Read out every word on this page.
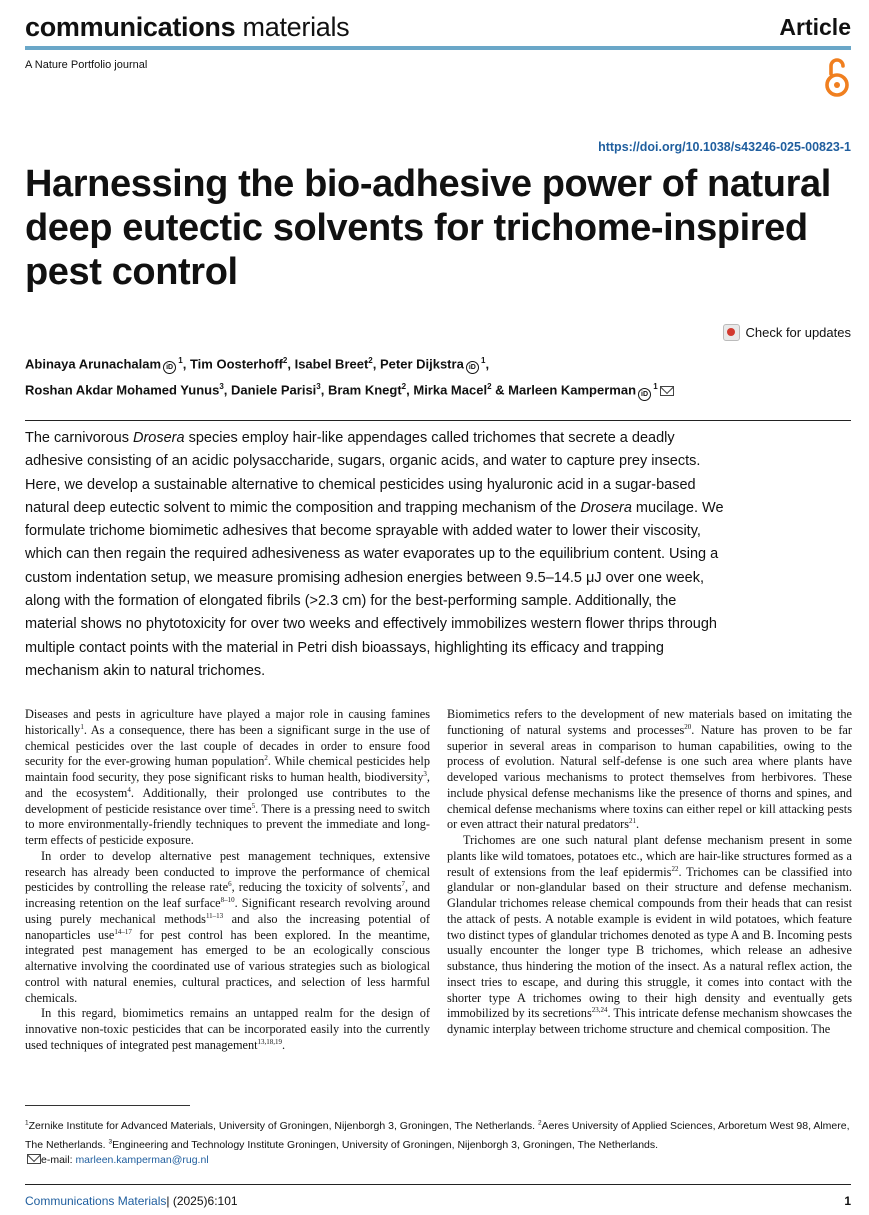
communications materials	Article
A Nature Portfolio journal
https://doi.org/10.1038/s43246-025-00823-1
Harnessing the bio-adhesive power of natural deep eutectic solvents for trichome-inspired pest control
Check for updates
Abinaya Arunachalam iD $^1$, Tim Oosterhoff$^2$, Isabel Breet$^2$, Peter Dijkstra iD $^1$,
Roshan Akdar Mohamed Yunus$^3$, Daniele Parisi$^3$, Bram Knegt$^2$, Mirka Macel$^2$ & Marleen Kamperman iD $^1$
The carnivorous Drosera species employ hair-like appendages called trichomes that secrete a deadly adhesive consisting of an acidic polysaccharide, sugars, organic acids, and water to capture prey insects. Here, we develop a sustainable alternative to chemical pesticides using hyaluronic acid in a sugar-based natural deep eutectic solvent to mimic the composition and trapping mechanism of the Drosera mucilage. We formulate trichome biomimetic adhesives that become sprayable with added water to lower their viscosity, which can then regain the required adhesiveness as water evaporates up to the equilibrium content. Using a custom indentation setup, we measure promising adhesion energies between 9.5–14.5 μJ over one week, along with the formation of elongated fibrils (>2.3 cm) for the best-performing sample. Additionally, the material shows no phytotoxicity for over two weeks and effectively immobilizes western flower thrips through multiple contact points with the material in Petri dish bioassays, highlighting its efficacy and trapping mechanism akin to natural trichomes.

Diseases and pests in agriculture have played a major role in causing famines historically$^1$. As a consequence, there has been a significant surge in the use of chemical pesticides over the last couple of decades in order to ensure food security for the ever-growing human population$^2$. While chemical pesticides help maintain food security, they pose significant risks to human health, biodiversity$^3$, and the ecosystem$^4$. Additionally, their prolonged use contributes to the development of pesticide resistance over time$^5$. There is a pressing need to switch to more environmentally-friendly techniques to prevent the immediate and long-term effects of pesticide exposure.

In order to develop alternative pest management techniques, extensive research has already been conducted to improve the performance of chemical pesticides by controlling the release rate$^6$, reducing the toxicity of solvents$^7$, and increasing retention on the leaf surface$^{8-10}$. Significant research revolving around using purely mechanical methods$^{11-13}$ and also the increasing potential of nanoparticles use$^{14-17}$ for pest control has been explored. In the meantime, integrated pest management has emerged to be an ecologically conscious alternative involving the coordinated use of various strategies such as biological control with natural enemies, cultural practices, and selection of less harmful chemicals.

In this regard, biomimetics remains an untapped realm for the design of innovative non-toxic pesticides that can be incorporated easily into the currently used techniques of integrated pest management$^{13,18,19}$.

Biomimetics refers to the development of new materials based on imitating the functioning of natural systems and processes$^{20}$. Nature has proven to be far superior in several areas in comparison to human capabilities, owing to the process of evolution. Natural self-defense is one such area where plants have developed various mechanisms to protect themselves from herbivores. These include physical defense mechanisms like the presence of thorns and spines, and chemical defense mechanisms where toxins can either repel or kill attacking pests or even attract their natural predators$^{21}$.

Trichomes are one such natural plant defense mechanism present in some plants like wild tomatoes, potatoes etc., which are hair-like structures formed as a result of extensions from the leaf epidermis$^{22}$. Trichomes can be classified into glandular or non-glandular based on their structure and defense mechanism. Glandular trichomes release chemical compounds from their heads that can resist the attack of pests. A notable example is evident in wild potatoes, which feature two distinct types of glandular trichomes denoted as type A and B. Incoming pests usually encounter the longer type B trichomes, which release an adhesive substance, thus hindering the motion of the insect. As a natural reflex action, the insect tries to escape, and during this struggle, it comes into contact with the shorter type A trichomes owing to their high density and eventually gets immobilized by its secretions$^{23,24}$. This intricate defense mechanism showcases the dynamic interplay between trichome structure and chemical composition. The

$^1$Zernike Institute for Advanced Materials, University of Groningen, Nijenborgh 3, Groningen, The Netherlands. $^2$Aeres University of Applied Sciences, Arboretum West 98, Almere, The Netherlands. $^3$Engineering and Technology Institute Groningen, University of Groningen, Nijenborgh 3, Groningen, The Netherlands.
e-mail: marleen.kamperman@rug.nl
Communications Materials| (2025)6:101	1
